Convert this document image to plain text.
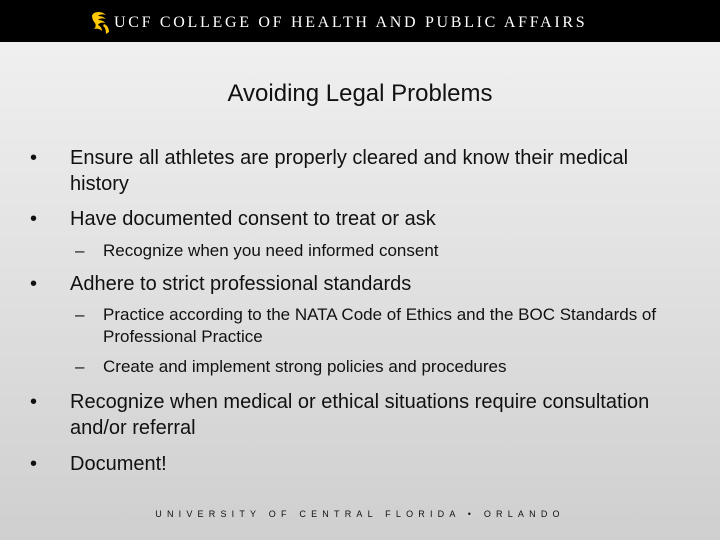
UCF COLLEGE OF HEALTH AND PUBLIC AFFAIRS
Avoiding Legal Problems
• Ensure all athletes are properly cleared and know their medical history
• Have documented consent to treat or ask
– Recognize when you need informed consent
• Adhere to strict professional standards
– Practice according to the NATA Code of Ethics and the BOC Standards of Professional Practice
– Create and implement strong policies and procedures
• Recognize when medical or ethical situations require consultation and/or referral
• Document!
UNIVERSITY OF CENTRAL FLORIDA • ORLANDO
